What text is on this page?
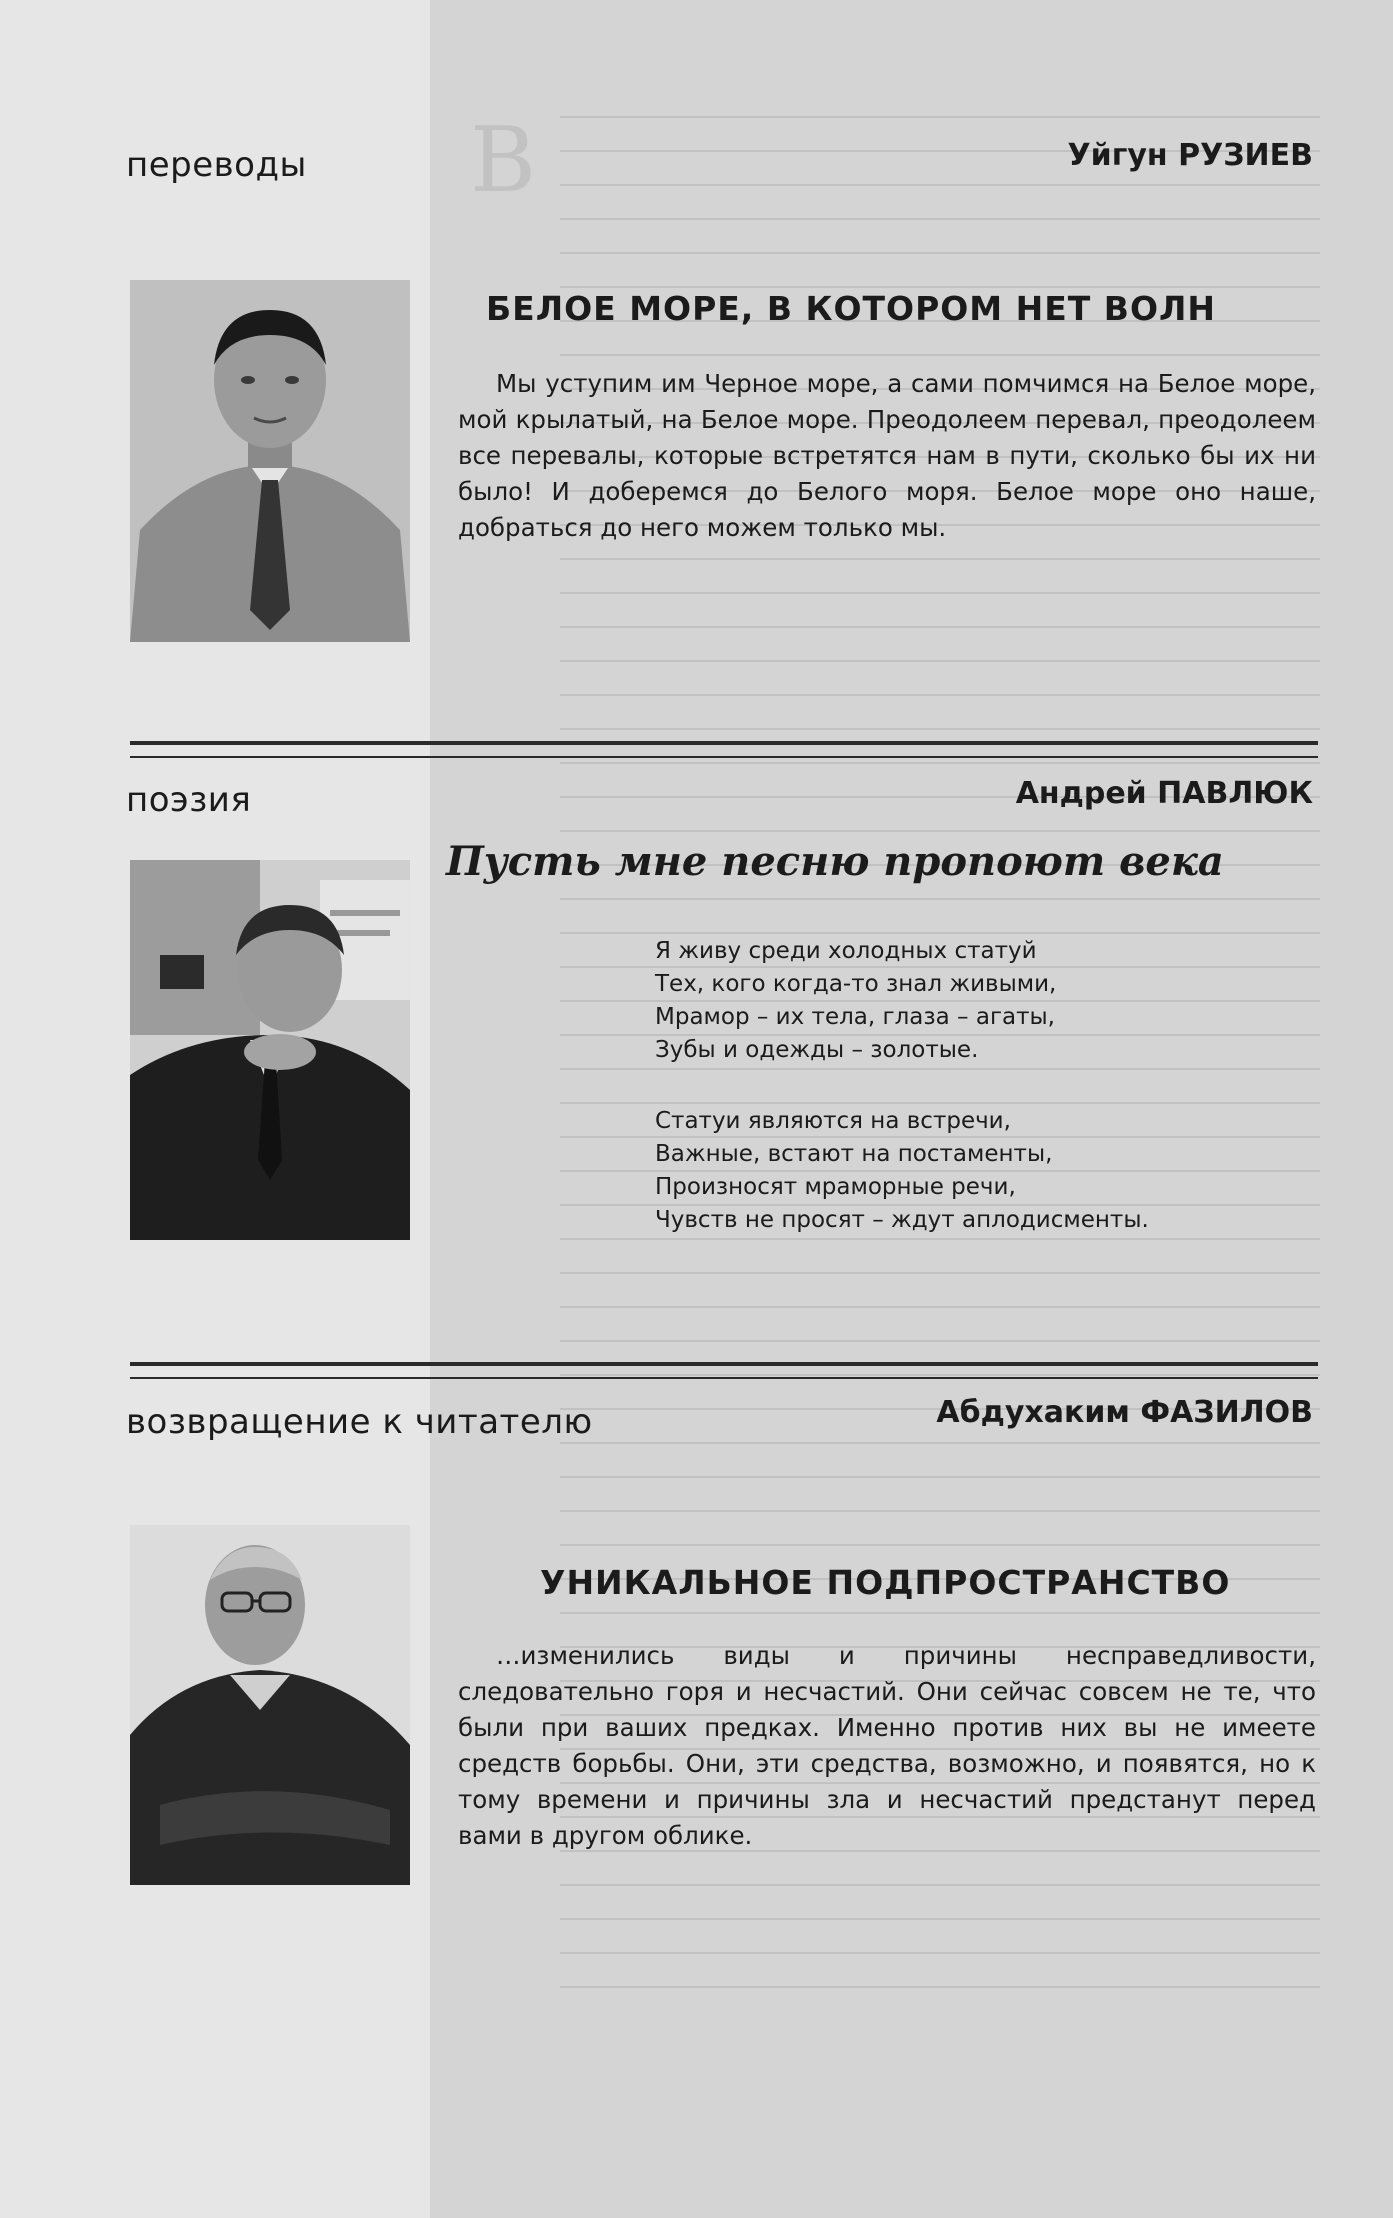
В
переводы	Уйгун РУЗИЕВ
БЕЛОЕ МОРЕ, В КОТОРОМ НЕТ ВОЛН

Мы уступим им Черное море, а сами помчимся на Белое море, мой крылатый, на Белое море. Преодолеем перевал, преодолеем все перевалы, которые встретятся нам в пути, сколько бы их ни было! И доберемся до Белого моря. Белое море оно наше, добраться до него можем только мы.

поэзия	Андрей ПАВЛЮК
Пусть мне песню пропоют века
Я живу среди холодных статуй
Тех, кого когда-то знал живыми,
Мрамор – их тела, глаза – агаты,
Зубы и одежды – золотые.
Статуи являются на встречи,
Важные, встают на постаменты,
Произносят мраморные речи,
Чувств не просят – ждут аплодисменты.
возвращение к читателю	Абдухаким ФАЗИЛОВ
УНИКАЛЬНОЕ ПОДПРОСТРАНСТВО

…изменились виды и причины несправедливости, следовательно горя и несчастий. Они сейчас совсем не те, что были при ваших предках. Именно против них вы не имеете средств борьбы. Они, эти средства, возможно, и появятся, но к тому времени и причины зла и несчастий предстанут перед вами в другом облике.
